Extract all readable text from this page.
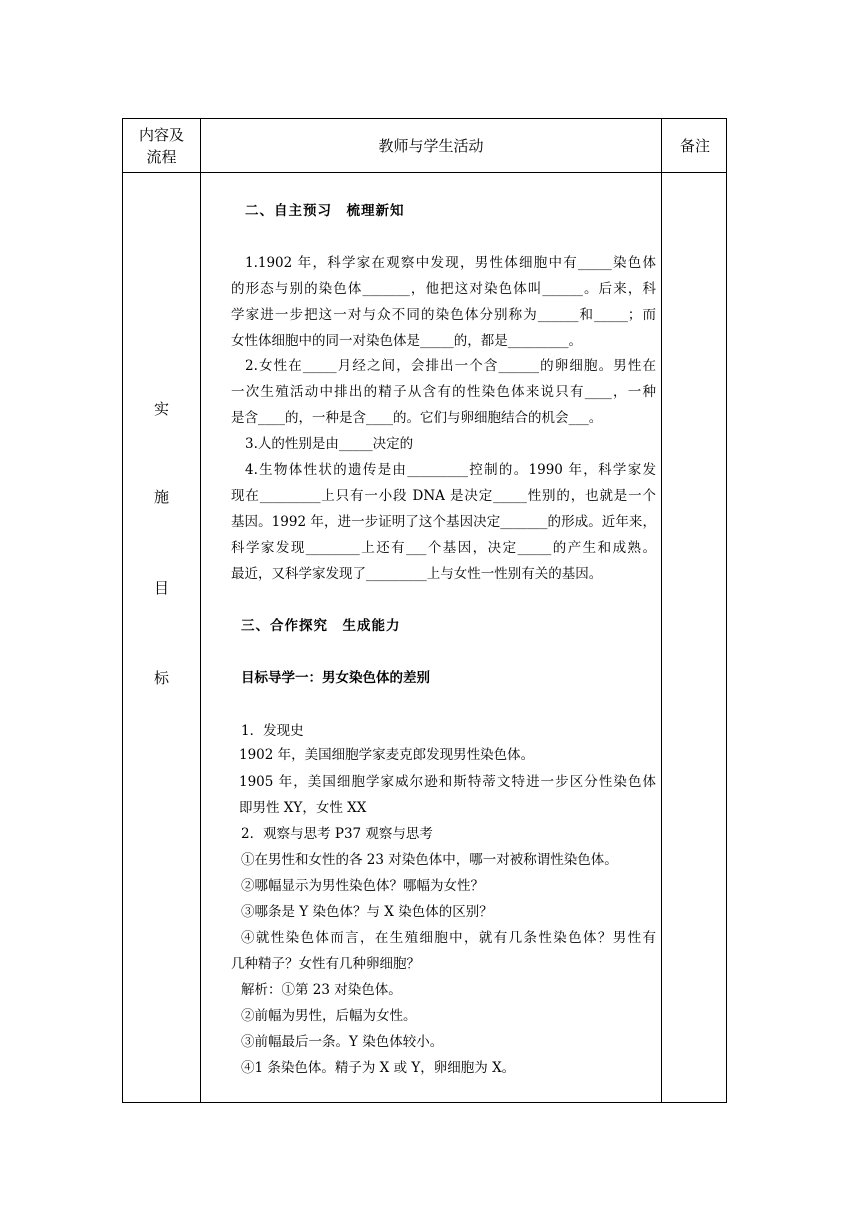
内容及
流程
教师与学生活动	备注
实
施
目
标
二、自主预习　梳理新知
1.1902 年，科学家在观察中发现，男性体细胞中有_____染色体
的形态与别的染色体_______，他把这对染色体叫______。后来，科
学家进一步把这一对与众不同的染色体分别称为______和_____；而
女性体细胞中的同一对染色体是_____的，都是_________。
2.女性在_____月经之间，会排出一个含______的卵细胞。男性在
一次生殖活动中排出的精子从含有的性染色体来说只有____，一种
是含____的，一种是含____的。它们与卵细胞结合的机会___。
3.人的性别是由_____决定的
4.生物体性状的遗传是由_________控制的。1990 年，科学家发
现在_________上只有一小段 DNA 是决定_____性别的，也就是一个
基因。1992 年，进一步证明了这个基因决定_______的形成。近年来，
科学家发现________上还有___个基因，决定_____的产生和成熟。
最近，又科学家发现了_________上与女性一性别有关的基因。
三、合作探究　生成能力
目标导学一：男女染色体的差别
1．发现史
1902 年，美国细胞学家麦克郎发现男性染色体。
1905 年，美国细胞学家威尔逊和斯特蒂文特进一步区分性染色体
即男性 XY，女性 XX
2．观察与思考 P37 观察与思考
①在男性和女性的各 23 对染色体中，哪一对被称谓性染色体。
②哪幅显示为男性染色体？哪幅为女性？
③哪条是 Y 染色体？与 X 染色体的区别？
④就性染色体而言，在生殖细胞中，就有几条性染色体？男性有
几种精子？女性有几种卵细胞？
解析：①第 23 对染色体。
②前幅为男性，后幅为女性。
③前幅最后一条。Y 染色体较小。
④1 条染色体。精子为 X 或 Y，卵细胞为 X。
